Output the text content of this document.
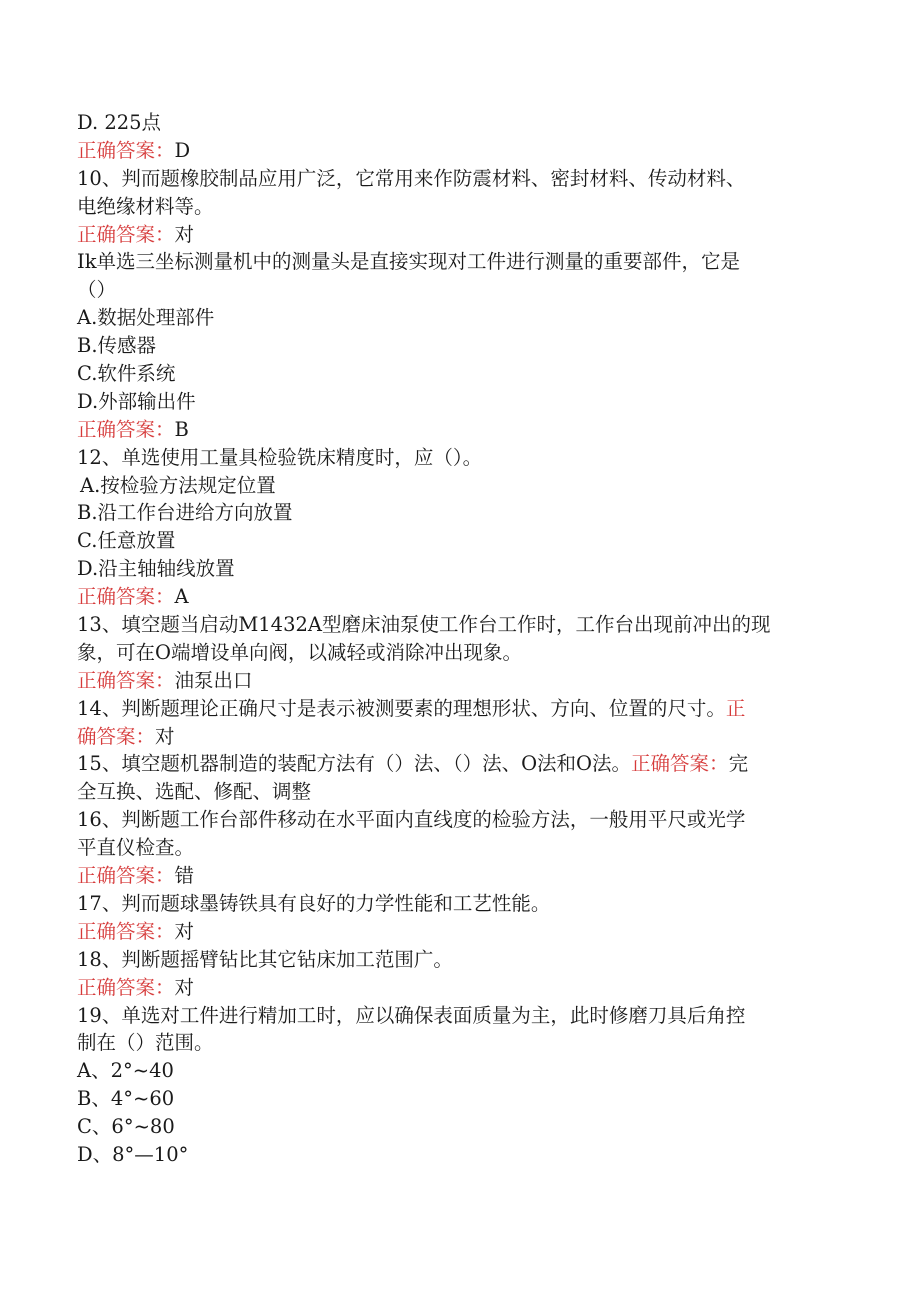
D. 225点
正确答案：D
10、判而题橡胶制品应用广泛，它常用来作防震材料、密封材料、传动材料、
电绝缘材料等。
正确答案：对
Ik单选三坐标测量机中的测量头是直接实现对工件进行测量的重要部件，它是
（）
A.数据处理部件
B.传感器
C.软件系统
D.外部输出件
正确答案：B
12、单选使用工量具检验铣床精度时，应（）。
A.按检验方法规定位置
B.沿工作台进给方向放置
C.任意放置
D.沿主轴轴线放置
正确答案：A
13、填空题当启动M1432A型磨床油泵使工作台工作时，工作台出现前冲出的现
象，可在O端增设单向阀，以减轻或消除冲出现象。
正确答案：油泵出口
14、判断题理论正确尺寸是表示被测要素的理想形状、方向、位置的尺寸。正
确答案：对
15、填空题机器制造的装配方法有（）法、（）法、O法和O法。正确答案：完
全互换、选配、修配、调整
16、判断题工作台部件移动在水平面内直线度的检验方法，一般用平尺或光学
平直仪检查。
正确答案：错
17、判而题球墨铸铁具有良好的力学性能和工艺性能。
正确答案：对
18、判断题摇臂钻比其它钻床加工范围广。
正确答案：对
19、单选对工件进行精加工时，应以确保表面质量为主，此时修磨刀具后角控
制在（）范围。
A、2°~40
B、4°~60
C、6°~80
D、8°—10°
